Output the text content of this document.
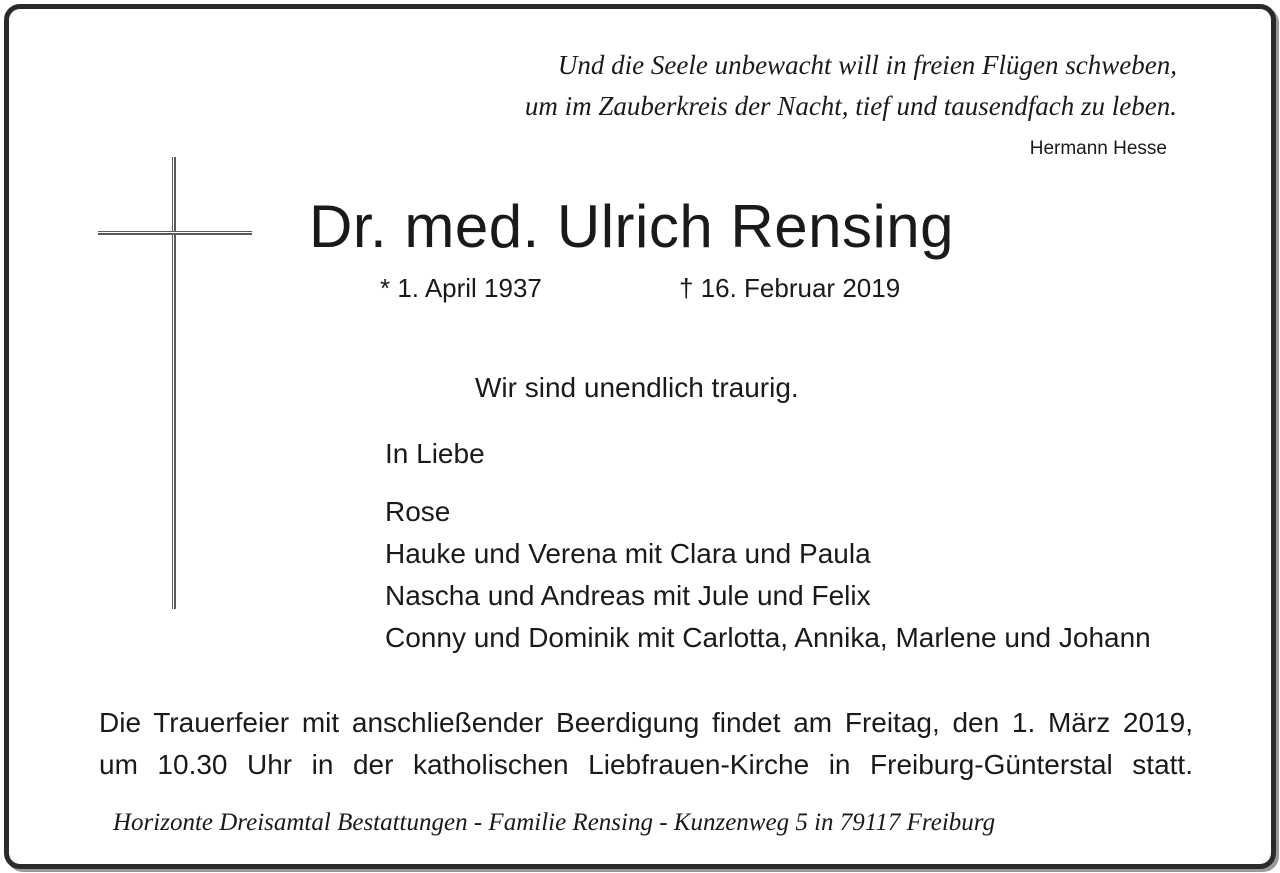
Und die Seele unbewacht will in freien Flügen schweben,
um im Zauberkreis der Nacht, tief und tausendfach zu leben.
Hermann Hesse
Dr. med. Ulrich Rensing
* 1. April 1937	† 16. Februar 2019
Wir sind unendlich traurig.
In Liebe
Rose
Hauke und Verena mit Clara und Paula
Nascha und Andreas mit Jule und Felix
Conny und Dominik mit Carlotta, Annika, Marlene und Johann
Die Trauerfeier mit anschließender Beerdigung findet am Freitag, den 1. März 2019,
um 10.30 Uhr in der katholischen Liebfrauen-Kirche in Freiburg-Günterstal statt.
Horizonte Dreisamtal Bestattungen - Familie Rensing - Kunzenweg 5 in 79117 Freiburg
